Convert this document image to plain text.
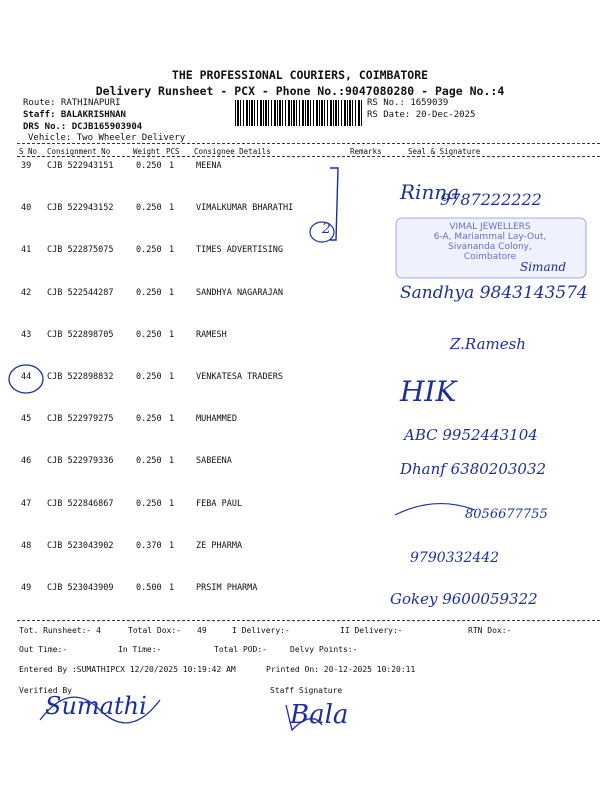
THE PROFESSIONAL COURIERS, COIMBATORE
Delivery Runsheet - PCX - Phone No.:9047080280 - Page No.:4
Route: RATHINAPURI
Staff: BALAKRISHNAN
DRS No.: DCJB165903904
Vehicle: Two Wheeler Delivery
RS No.: 1659039
RS Date: 20-Dec-2025
S No Consignment No	Weight PCS Consignee Details	Remarks	Seal & Signature
39 CJB 522943151	0.250 1	MEENA
40 CJB 522943152	0.250 1	VIMALKUMAR BHARATHI
41 CJB 522875075	0.250 1	TIMES ADVERTISING
42 CJB 522544287	0.250 1	SANDHYA NAGARAJAN
43 CJB 522898705	0.250 1	RAMESH
44 CJB 522898832	0.250 1	VENKATESA TRADERS
45 CJB 522979275	0.250 1	MUHAMMED
46 CJB 522979336	0.250 1	SABEENA
47 CJB 522846867	0.250 1	FEBA PAUL
48 CJB 523043902	0.370 1	ZE PHARMA
49 CJB 523043909	0.500 1	PRSIM PHARMA
2
Rinna
9787222222
VIMAL JEWELLERS
6-A, Mariammal Lay-Out,
Sivananda Colony,
Coimbatore
Simand
Sandhya 9843143574
Z.Ramesh
HIK
ABC 9952443104
Dhanf 6380203032
8056677755
9790332442
Gokey 9600059322
Tot. Runsheet:- 4	Total Dox:- 49	I Delivery:-	II Delivery:-	RTN Dox:-
Out Time:-	In Time:-	Total POD:-	Delvy Points:-
Entered By :SUMATHIPCX 12/20/2025 10:19:42 AM	Printed On: 20-12-2025 10:20:11
Verified By	Staff Signature
Sumathi	Bala
